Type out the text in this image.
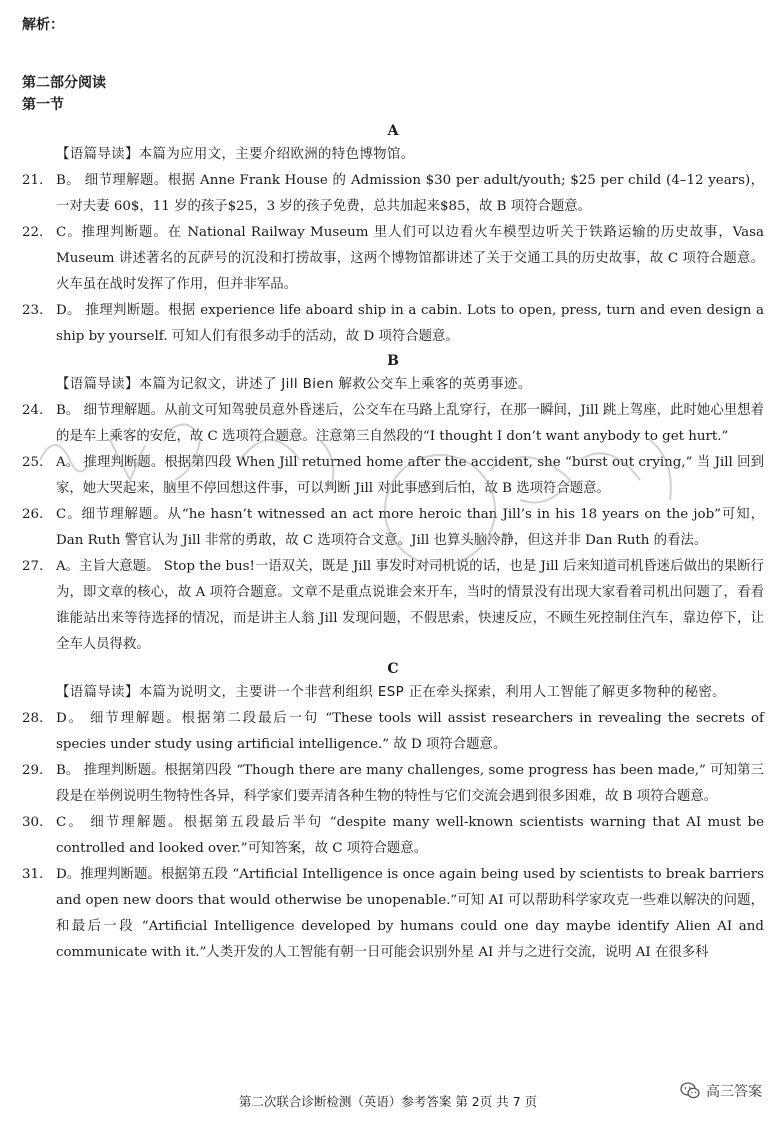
解析：
第二部分阅读
第一节
A
【语篇导读】本篇为应用文，主要介绍欧洲的特色博物馆。
21. B。 细节理解题。根据 Anne Frank House 的 Admission $30 per adult/youth; $25 per child (4–12 years)，一对夫妻 60$，11 岁的孩子$25，3 岁的孩子免费，总共加起来$85，故 B 项符合题意。
22. C。推理判断题。在 National Railway Museum 里人们可以边看火车模型边听关于铁路运输的历史故事，Vasa Museum 讲述著名的瓦萨号的沉没和打捞故事，这两个博物馆都讲述了关于交通工具的历史故事，故 C 项符合题意。火车虽在战时发挥了作用，但并非军品。
23. D。 推理判断题。根据 experience life aboard ship in a cabin. Lots to open, press, turn and even design a ship by yourself. 可知人们有很多动手的活动，故 D 项符合题意。
B
【语篇导读】本篇为记叙文，讲述了 Jill Bien 解救公交车上乘客的英勇事迹。
24. B。 细节理解题。从前文可知驾驶员意外昏迷后，公交车在马路上乱穿行，在那一瞬间，Jill 跳上驾座，此时她心里想着的是车上乘客的安危，故 C 选项符合题意。注意第三自然段的“I thought I don’t want anybody to get hurt.”
25. A。 推理判断题。根据第四段 When Jill returned home after the accident, she “burst out crying,” 当 Jill 回到家，她大哭起来，脑里不停回想这件事，可以判断 Jill 对此事感到后怕，故 B 选项符合题意。
26. C。细节理解题。从“he hasn’t witnessed an act more heroic than Jill’s in his 18 years on the job”可知，Dan Ruth 警官认为 Jill 非常的勇敢，故 C 选项符合文意。Jill 也算头脑冷静，但这并非 Dan Ruth 的看法。
27. A。主旨大意题。 Stop the bus!一语双关，既是 Jill 事发时对司机说的话，也是 Jill 后来知道司机昏迷后做出的果断行为，即文章的核心，故 A 项符合题意。文章不是重点说谁会来开车，当时的情景没有出现大家看着司机出问题了，看看谁能站出来等待选择的情况，而是讲主人翁 Jill 发现问题，不假思索，快速反应，不顾生死控制住汽车，靠边停下，让全车人员得救。
C
【语篇导读】本篇为说明文，主要讲一个非营利组织 ESP 正在牵头探索，利用人工智能了解更多物种的秘密。
28. D。 细节理解题。根据第二段最后一句 “These tools will assist researchers in revealing the secrets of species under study using artificial intelligence.” 故 D 项符合题意。
29. B。 推理判断题。根据第四段 “Though there are many challenges, some progress has been made,” 可知第三段是在举例说明生物特性各异，科学家们要弄清各种生物的特性与它们交流会遇到很多困难，故 B 项符合题意。
30. C。 细节理解题。根据第五段最后半句 “despite many well-known scientists warning that AI must be controlled and looked over.”可知答案，故 C 项符合题意。
31. D。推理判断题。根据第五段 “Artificial Intelligence is once again being used by scientists to break barriers and open new doors that would otherwise be unopenable.”可知 AI 可以帮助科学家攻克一些难以解决的问题，和最后一段 “Artificial Intelligence developed by humans could one day maybe identify Alien AI and communicate with it.”人类开发的人工智能有朝一日可能会识别外星 AI 并与之进行交流，说明 AI 在很多科
第二次联合诊断检测（英语）参考答案 第 2页 共 7 页
高三答案
